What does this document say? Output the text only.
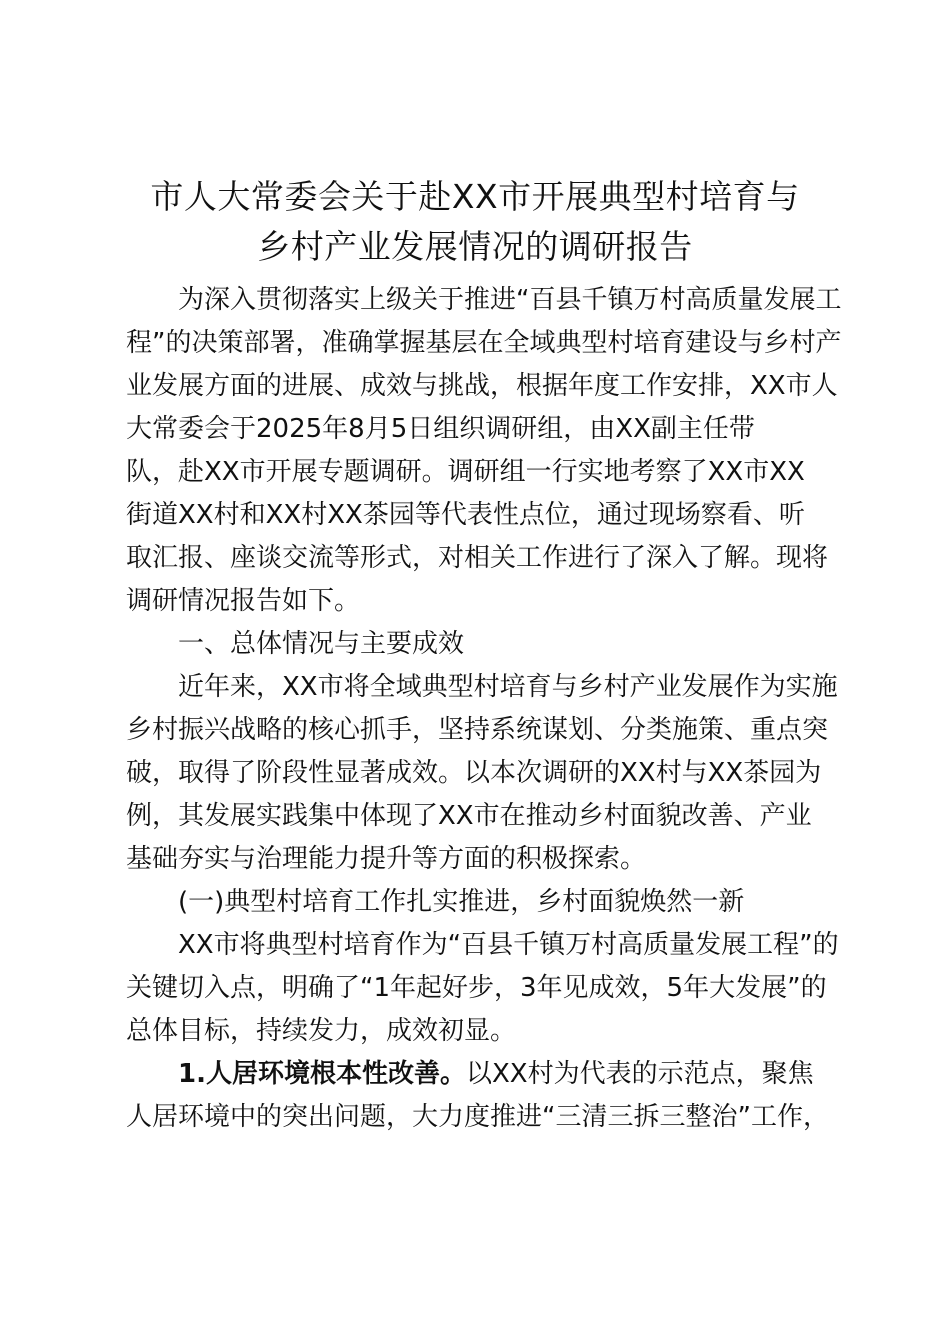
市人大常委会关于赴XX市开展典型村培育与
乡村产业发展情况的调研报告

为深入贯彻落实上级关于推进“百县千镇万村高质量发展工

程”的决策部署，准确掌握基层在全域典型村培育建设与乡村产

业发展方面的进展、成效与挑战，根据年度工作安排，XX市人

大常委会于2025年8月5日组织调研组，由XX副主任带

队，赴XX市开展专题调研。调研组一行实地考察了XX市XX

街道XX村和XX村XX茶园等代表性点位，通过现场察看、听

取汇报、座谈交流等形式，对相关工作进行了深入了解。现将

调研情况报告如下。

一、总体情况与主要成效

近年来，XX市将全域典型村培育与乡村产业发展作为实施

乡村振兴战略的核心抓手，坚持系统谋划、分类施策、重点突

破，取得了阶段性显著成效。以本次调研的XX村与XX茶园为

例，其发展实践集中体现了XX市在推动乡村面貌改善、产业

基础夯实与治理能力提升等方面的积极探索。

(一)典型村培育工作扎实推进，乡村面貌焕然一新

XX市将典型村培育作为“百县千镇万村高质量发展工程”的

关键切入点，明确了“1年起好步，3年见成效，5年大发展”的

总体目标，持续发力，成效初显。

1.人居环境根本性改善。以XX村为代表的示范点，聚焦

人居环境中的突出问题，大力度推进“三清三拆三整治”工作，
